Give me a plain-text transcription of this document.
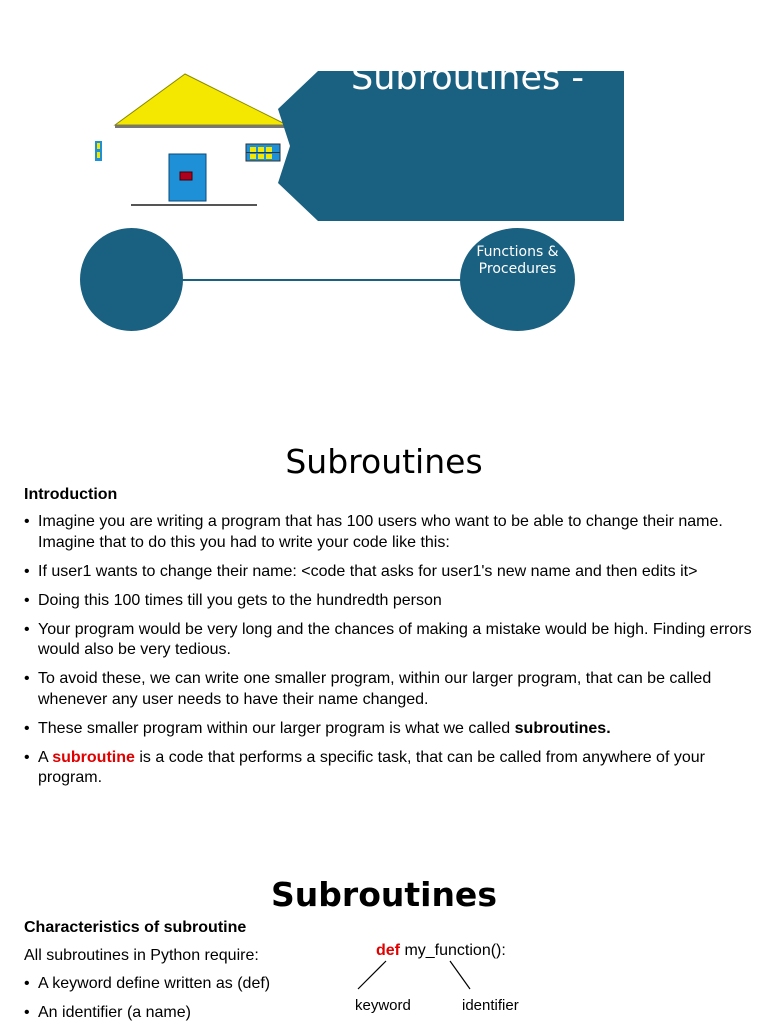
Subroutines -
Functions & Procedures
Subroutines
Introduction
• Imagine you are writing a program that has 100 users who want to be able to change their name. Imagine that to do this you had to write your code like this:
• If user1 wants to change their name: <code that asks for user1's new name and then edits it>
• Doing this 100 times till you gets to the hundredth person
• Your program would be very long and the chances of making a mistake would be high. Finding errors would also be very tedious.
• To avoid these, we can write one smaller program, within our larger program, that can be called whenever any user needs to have their name changed.
• These smaller program within our larger program is what we called subroutines.
• A subroutine is a code that performs a specific task, that can be called from anywhere of your program.
Subroutines
Characteristics of subroutine
All subroutines in Python require:
• A keyword define written as (def)
• An identifier (a name)
def my_function():
keyword	identifier
